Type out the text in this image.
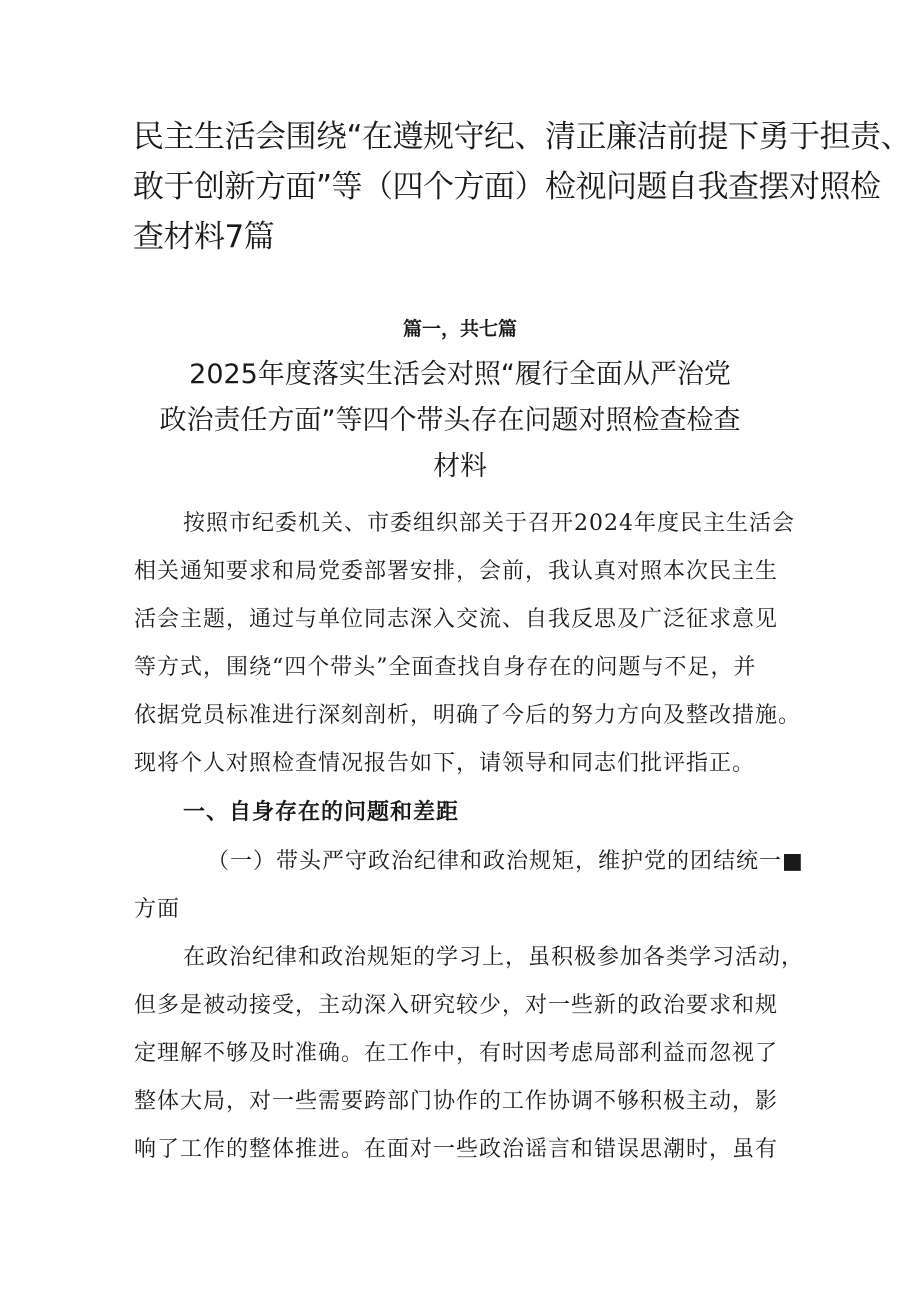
民主生活会围绕“在遵规守纪、清正廉洁前提下勇于担责、
敢于创新方面”等（四个方面）检视问题自我查摆对照检
查材料7篇

篇一，共七篇

2025年度落实生活会对照“履行全面从严治党
政治责任方面”等四个带头存在问题对照检查检查
材料
按照市纪委机关、市委组织部关于召开2024年度民主生活会
相关通知要求和局党委部署安排，会前，我认真对照本次民主生
活会主题，通过与单位同志深入交流、自我反思及广泛征求意见
等方式，围绕“四个带头”全面查找自身存在的问题与不足，并
依据党员标准进行深刻剖析，明确了今后的努力方向及整改措施。
现将个人对照检查情况报告如下，请领导和同志们批评指正。
一、自身存在的问题和差距
（一）带头严守政治纪律和政治规矩，维护党的团结统一■
方面
在政治纪律和政治规矩的学习上，虽积极参加各类学习活动，
但多是被动接受，主动深入研究较少，对一些新的政治要求和规
定理解不够及时准确。在工作中，有时因考虑局部利益而忽视了
整体大局，对一些需要跨部门协作的工作协调不够积极主动，影
响了工作的整体推进。在面对一些政治谣言和错误思潮时，虽有
